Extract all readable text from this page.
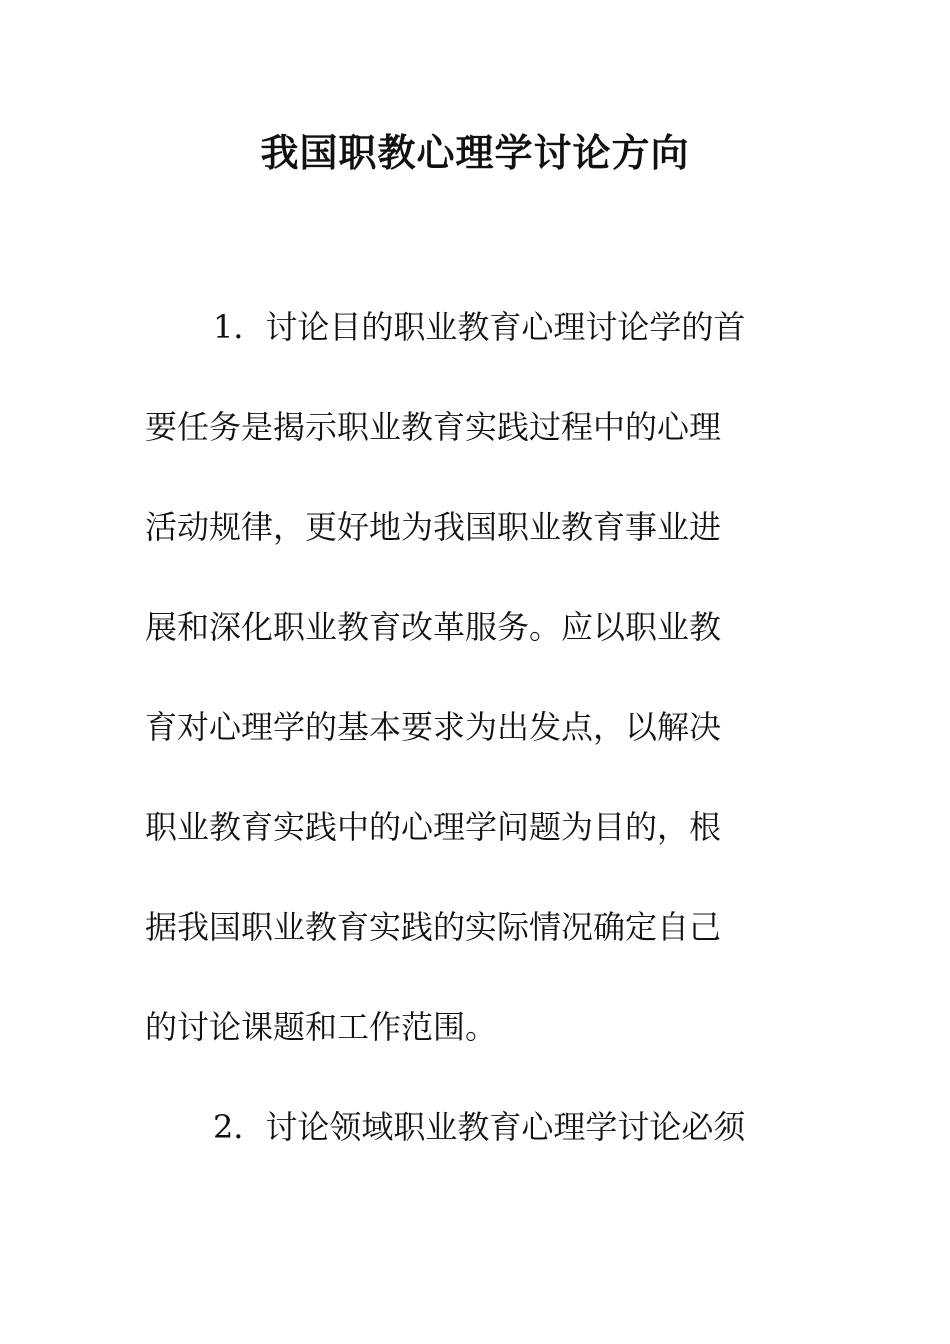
我国职教心理学讨论方向
1．讨论目的职业教育心理讨论学的首
要任务是揭示职业教育实践过程中的心理
活动规律，更好地为我国职业教育事业进
展和深化职业教育改革服务。应以职业教
育对心理学的基本要求为出发点，以解决
职业教育实践中的心理学问题为目的，根
据我国职业教育实践的实际情况确定自己
的讨论课题和工作范围。
2．讨论领域职业教育心理学讨论必须
